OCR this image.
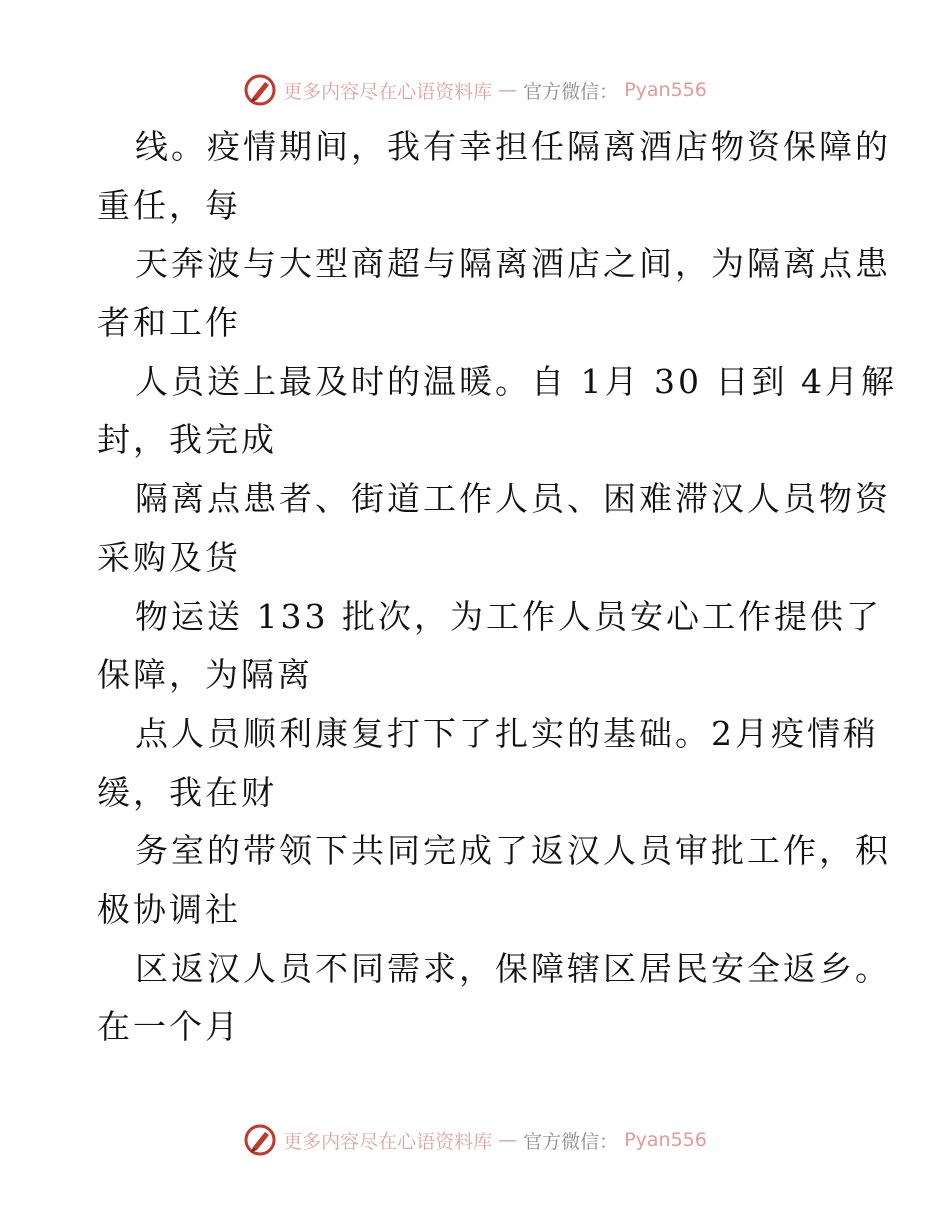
更多内容尽在心语资料库 — 官方微信： Pyan556
线。疫情期间，我有幸担任隔离酒店物资保障的
重任，每
天奔波与大型商超与隔离酒店之间，为隔离点患
者和工作
人员送上最及时的温暖。自 1月 30 日到 4月解
封，我完成
隔离点患者、街道工作人员、困难滞汉人员物资
采购及货
物运送 133 批次，为工作人员安心工作提供了
保障，为隔离
点人员顺利康复打下了扎实的基础。2月疫情稍
缓，我在财
务室的带领下共同完成了返汉人员审批工作，积
极协调社
区返汉人员不同需求，保障辖区居民安全返乡。
在一个月
更多内容尽在心语资料库 — 官方微信： Pyan556
